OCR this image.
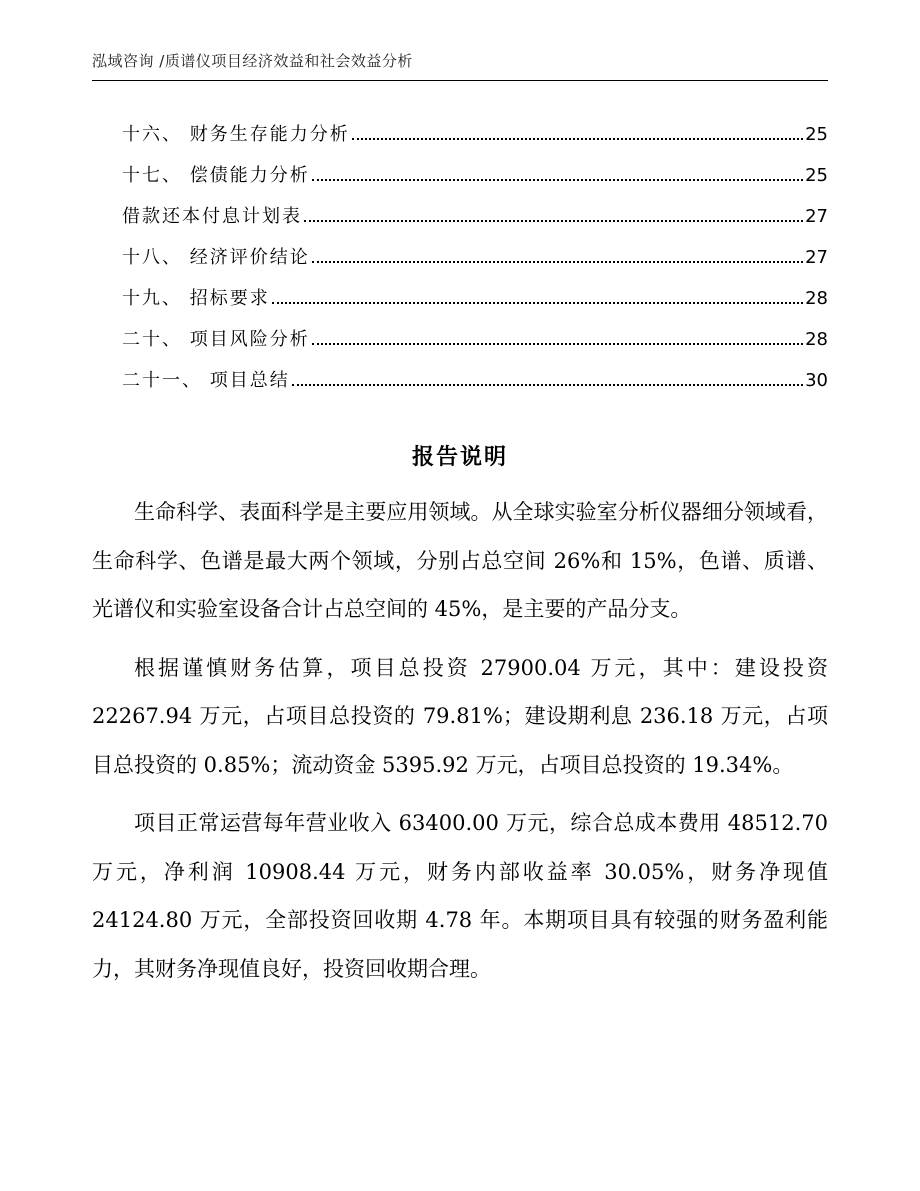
泓域咨询 /质谱仪项目经济效益和社会效益分析
十六、 财务生存能力分析	25
十七、 偿债能力分析	25
借款还本付息计划表	27
十八、 经济评价结论	27
十九、 招标要求	28
二十、 项目风险分析	28
二十一、 项目总结	30
报告说明

生命科学、表面科学是主要应用领域。从全球实验室分析仪器细分领域看，生命科学、色谱是最大两个领域，分别占总空间 26%和 15%，色谱、质谱、光谱仪和实验室设备合计占总空间的 45%，是主要的产品分支。

根据谨慎财务估算，项目总投资 27900.04 万元，其中：建设投资 22267.94 万元，占项目总投资的 79.81%；建设期利息 236.18 万元，占项目总投资的 0.85%；流动资金 5395.92 万元，占项目总投资的 19.34%。

项目正常运营每年营业收入 63400.00 万元，综合总成本费用 48512.70 万元，净利润 10908.44 万元，财务内部收益率 30.05%，财务净现值 24124.80 万元，全部投资回收期 4.78 年。本期项目具有较强的财务盈利能力，其财务净现值良好，投资回收期合理。
